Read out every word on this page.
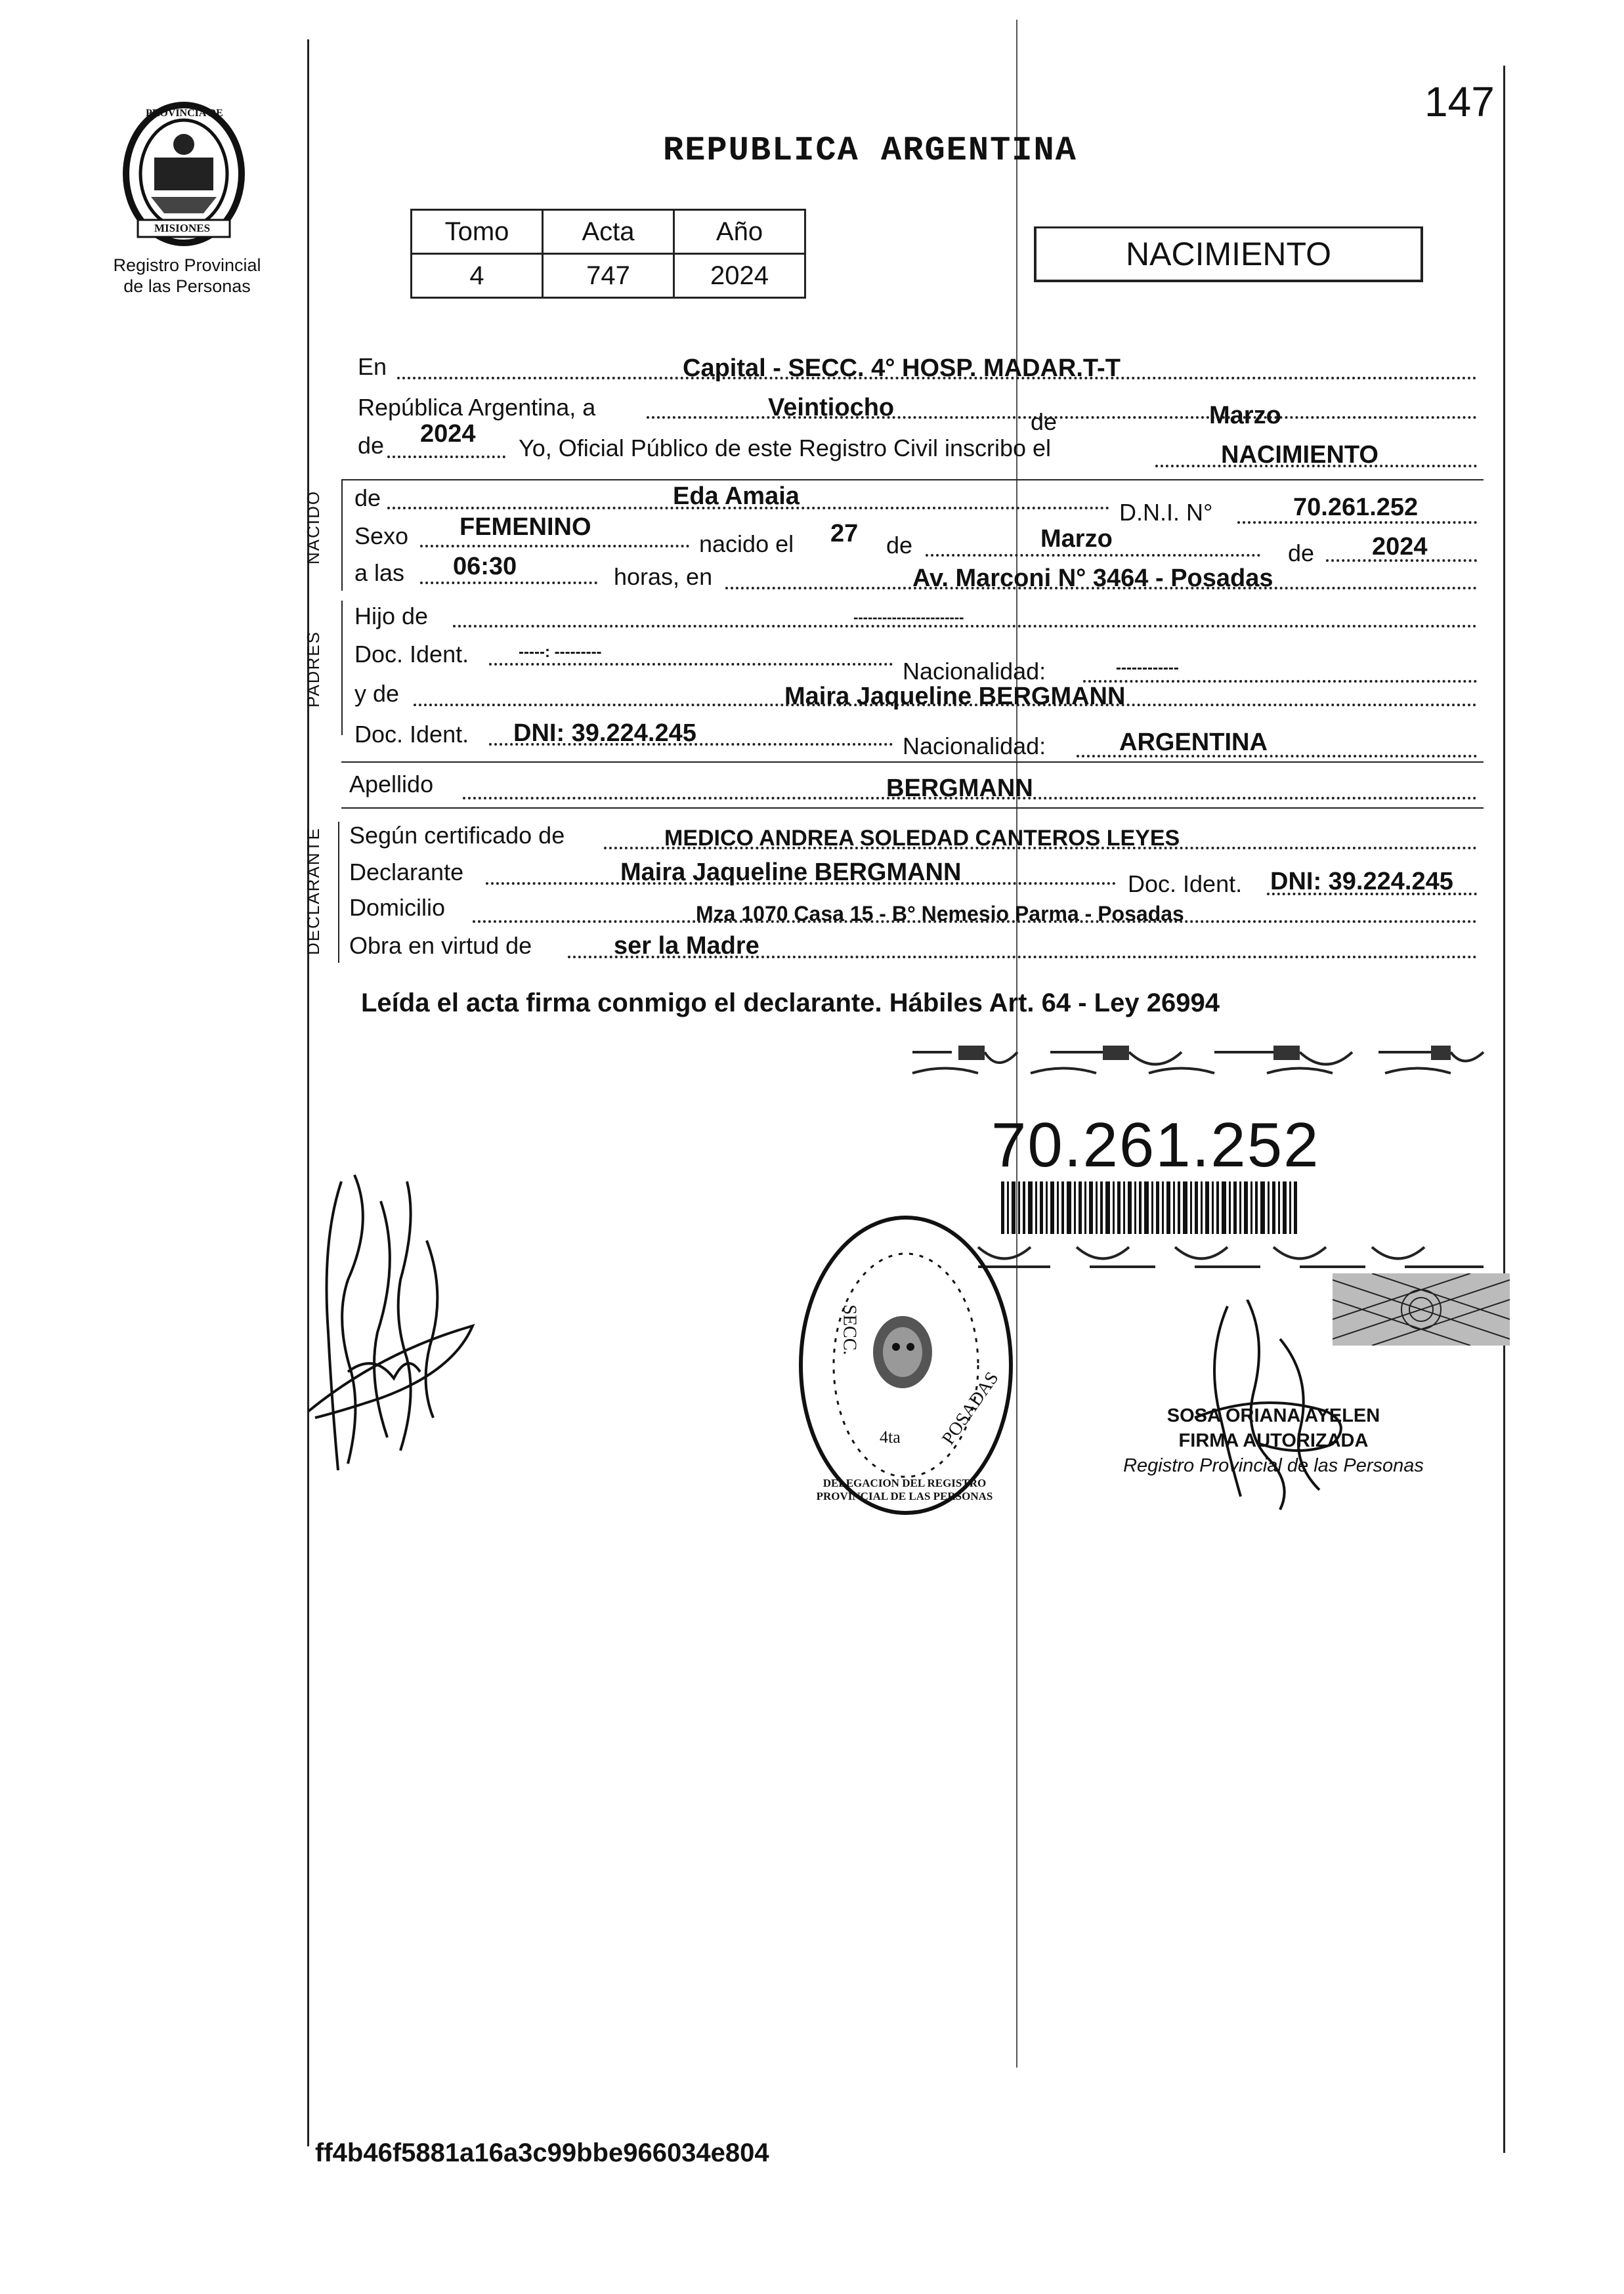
147
PROVINCIA DE
MISIONES
Registro Provincial
de las Personas
REPUBLICA ARGENTINA
Tomo	Acta	Año
4	747	2024
NACIMIENTO
En	Capital - SECC. 4° HOSP. MADAR.T-T
República Argentina, a	Veintiocho
de	Marzo
de 2024
Yo, Oficial Público de este Registro Civil inscribo el	NACIMIENTO
NACIDO de	Eda Amaia
D.N.I. N°	70.261.252
Sexo FEMENINO
nacido el 27 de	Marzo
de 2024
a las 06:30	horas, en	Av. Marconi N° 3464 - Posadas
PADRES
Hijo de	-----------------------
Doc. Ident.	-----: ---------
Nacionalidad:	------------
y de	Maira Jaqueline BERGMANN
Doc. Ident. DNI: 39.224.245	Nacionalidad:	ARGENTINA
Apellido	BERGMANN
DECLARANTE Según certificado de	MEDICO ANDREA SOLEDAD CANTEROS LEYES
Declarante	Maira Jaqueline BERGMANN	Doc. Ident. DNI: 39.224.245
Domicilio	Mza 1070 Casa 15 - B° Nemesio Parma - Posadas
Obra en virtud de	ser la Madre
Leída el acta firma conmigo el declarante. Hábiles Art. 64 - Ley 26994
70.261.252
DELEGACION DEL REGISTRO PROVINCIAL DE LAS PERSONAS
SECC.
4ta POSADAS	SOSA ORIANA AYELEN
FIRMA AUTORIZADA
Registro Provincial de las Personas
ff4b46f5881a16a3c99bbe966034e804
